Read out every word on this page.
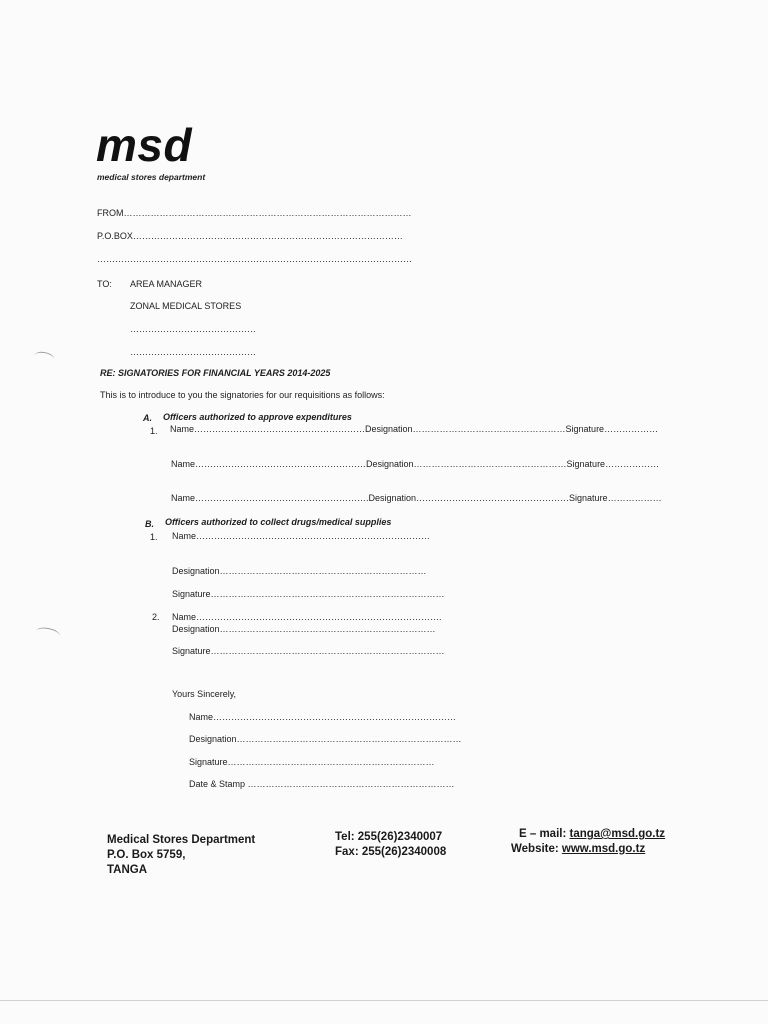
msd
medical stores department
FROM……………………………………………………………………………………
P.O.BOX………………………………………………………………………………
……………………………………………………………………………………………
TO: AREA MANAGER
ZONAL MEDICAL STORES
……………………………………
……………………………………
RE: SIGNATORIES FOR FINANCIAL YEARS 2014-2025
This is to introduce to you the signatories for our requisitions as follows:
A. Officers authorized to approve expenditures
1. Name…………………………………………………Designation……………………………………………Signature………………
Name…………………………………………………Designation……………………………………………Signature………………
Name………………………………………………….Designation……………………………………………Signature………………
B. Officers authorized to collect drugs/medical supplies
1. Name……………………………………………………………………
Designation……………………………………………………………
Signature……………………………………………………………………
2. Name……………………………………………………………………….
Designation………………………………………………………………
Signature……………………………………………………………………
Yours Sincerely,
Name………………………………………………………………………
Designation…………………………………………………………………
Signature……………………………………………………………
Date & Stamp ……………………………………………………………
Medical Stores Department
P.O. Box 5759,
TANGA
Tel: 255(26)2340007
Fax: 255(26)2340008
E – mail: tanga@msd.go.tz
Website: www.msd.go.tz
